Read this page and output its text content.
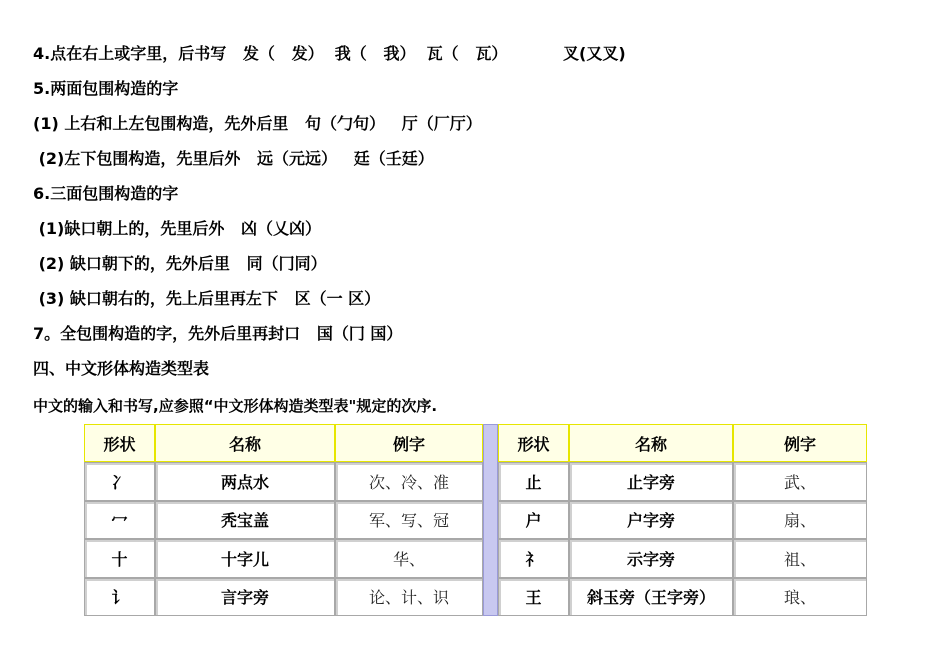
4.点在右上或字里，后书写   发（   发）  我（   我）  瓦（   瓦）          叉(又叉)
5.两面包围构造的字
(1) 上右和上左包围构造，先外后里   句（勹句）   厅（厂厅）
(2)左下包围构造，先里后外   远（元远）   廷（壬廷）
6.三面包围构造的字
(1)缺口朝上的，先里后外   凶（乂凶）
(2) 缺口朝下的，先外后里   同（冂同）
(3) 缺口朝右的，先上后里再左下   区（一 区）
7。全包围构造的字，先外后里再封口   国（冂 国）
四、中文形体构造类型表
中文的输入和书写,应参照“中文形体构造类型表"规定的次序.
形状	名称	例字		形状	名称	例字
冫	两点水	次、冷、准		止	止字旁	武、
冖	秃宝盖	军、写、冠		户	户字旁	扇、
十	十字儿	华、		礻	示字旁	祖、
讠	言字旁	论、计、识		王	斜玉旁（王字旁）	琅、
